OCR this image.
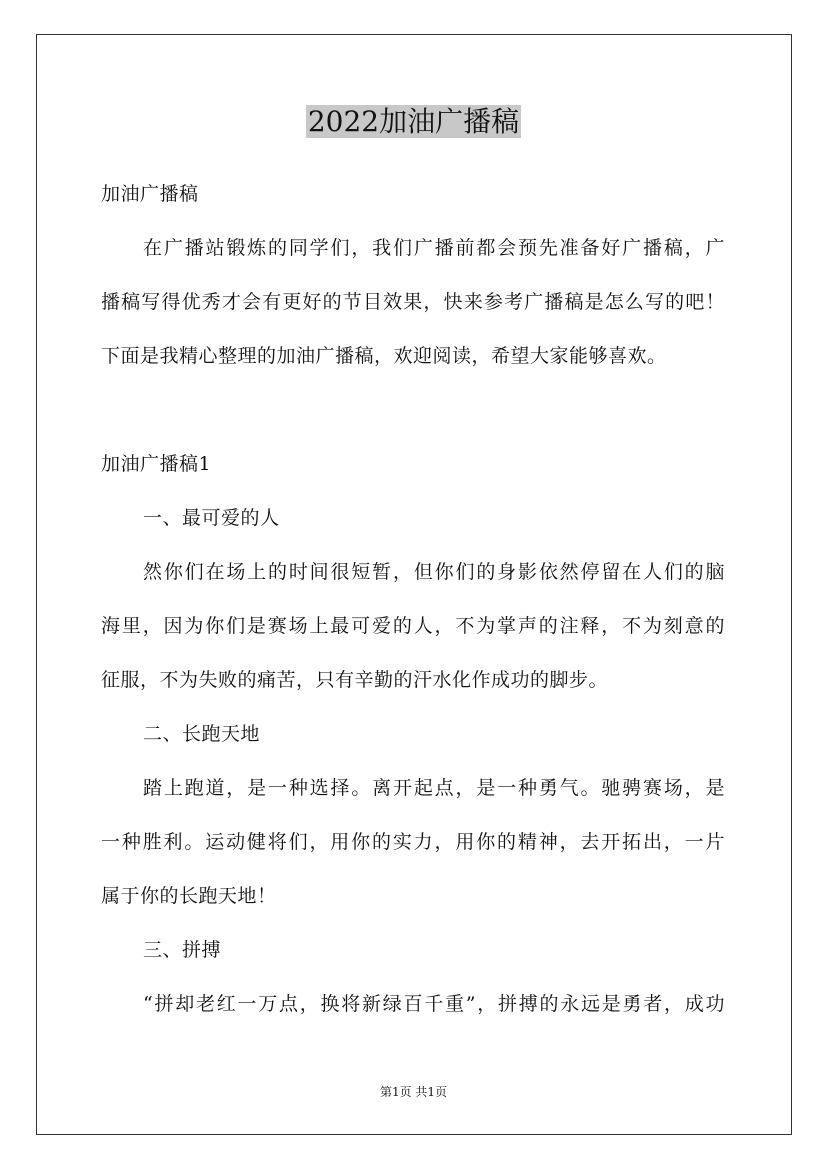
2022加油广播稿
加油广播稿
在广播站锻炼的同学们，我们广播前都会预先准备好广播稿，广
播稿写得优秀才会有更好的节目效果，快来参考广播稿是怎么写的吧！
下面是我精心整理的加油广播稿，欢迎阅读，希望大家能够喜欢。
加油广播稿1
一、最可爱的人
然你们在场上的时间很短暂，但你们的身影依然停留在人们的脑
海里，因为你们是赛场上最可爱的人，不为掌声的注释，不为刻意的
征服，不为失败的痛苦，只有辛勤的汗水化作成功的脚步。
二、长跑天地
踏上跑道，是一种选择。离开起点，是一种勇气。驰骋赛场，是
一种胜利。运动健将们，用你的实力，用你的精神，去开拓出，一片
属于你的长跑天地！
三、拼搏
“拼却老红一万点，换将新绿百千重”，拼搏的永远是勇者，成功
第1页 共1页
